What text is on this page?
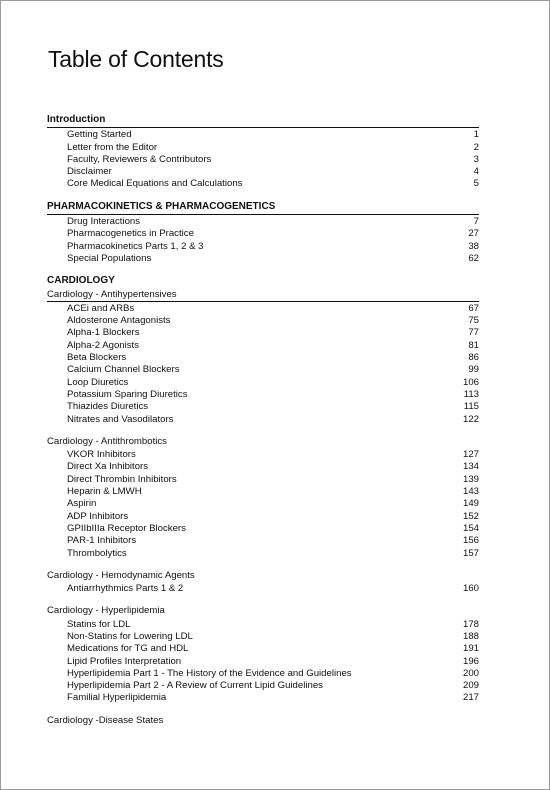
Table of Contents
Introduction
Getting Started	1
Letter from the Editor	2
Faculty, Reviewers & Contributors	3
Disclaimer	4
Core Medical Equations and Calculations	5
PHARMACOKINETICS & PHARMACOGENETICS
Drug Interactions	7
Pharmacogenetics in Practice	27
Pharmacokinetics Parts 1, 2 & 3	38
Special Populations	62
CARDIOLOGY
Cardiology - Antihypertensives
ACEi and ARBs	67
Aldosterone Antagonists	75
Alpha-1 Blockers	77
Alpha-2 Agonists	81
Beta Blockers	86
Calcium Channel Blockers	99
Loop Diuretics	106
Potassium Sparing Diuretics	113
Thiazides Diuretics	115
Nitrates and Vasodilators	122
Cardiology - Antithrombotics
VKOR Inhibitors	127
Direct Xa Inhibitors	134
Direct Thrombin Inhibitors	139
Heparin & LMWH	143
Aspirin	149
ADP Inhibitors	152
GPIIbIIIa Receptor Blockers	154
PAR-1 Inhibitors	156
Thrombolytics	157
Cardiology - Hemodynamic Agents
Antiarrhythmics Parts 1 & 2	160
Cardiology - Hyperlipidemia
Statins for LDL	178
Non-Statins for Lowering LDL	188
Medications for TG and HDL	191
Lipid Profiles Interpretation	196
Hyperlipidemia Part 1 - The History of the Evidence and Guidelines	200
Hyperlipidemia Part 2 - A Review of Current Lipid Guidelines	209
Familial Hyperlipidemia	217
Cardiology -Disease States
